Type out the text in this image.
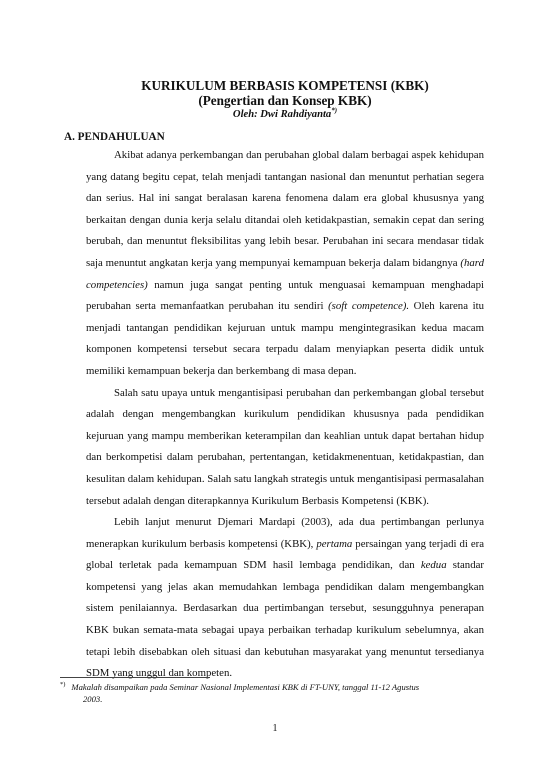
KURIKULUM BERBASIS KOMPETENSI (KBK)
(Pengertian dan Konsep KBK)

Oleh: Dwi Rahdiyanta*)

A. PENDAHULUAN

Akibat adanya perkembangan dan perubahan global dalam berbagai aspek kehidupan yang datang begitu cepat, telah menjadi tantangan nasional dan menuntut perhatian segera dan serius. Hal ini sangat beralasan karena fenomena dalam era global khususnya yang berkaitan dengan dunia kerja selalu ditandai oleh ketidakpastian, semakin cepat dan sering berubah, dan menuntut fleksibilitas yang lebih besar. Perubahan ini secara mendasar tidak saja menuntut angkatan kerja yang mempunyai kemampuan bekerja dalam bidangnya (hard competencies) namun juga sangat penting untuk menguasai kemampuan menghadapi perubahan serta memanfaatkan perubahan itu sendiri (soft competence). Oleh karena itu menjadi tantangan pendidikan kejuruan untuk mampu mengintegrasikan kedua macam komponen kompetensi tersebut secara terpadu dalam menyiapkan peserta didik untuk memiliki kemampuan bekerja dan berkembang di masa depan.

Salah satu upaya untuk mengantisipasi perubahan dan perkembangan global tersebut adalah dengan mengembangkan kurikulum pendidikan khususnya pada pendidikan kejuruan yang mampu memberikan keterampilan dan keahlian untuk dapat bertahan hidup dan berkompetisi dalam perubahan, pertentangan, ketidakmenentuan, ketidakpastian, dan kesulitan dalam kehidupan. Salah satu langkah strategis untuk mengantisipasi permasalahan tersebut adalah dengan diterapkannya Kurikulum Berbasis Kompetensi (KBK).

Lebih lanjut menurut Djemari Mardapi (2003), ada dua pertimbangan perlunya menerapkan kurikulum berbasis kompetensi (KBK), pertama persaingan yang terjadi di era global terletak pada kemampuan SDM hasil lembaga pendidikan, dan kedua standar kompetensi yang jelas akan memudahkan lembaga pendidikan dalam mengembangkan sistem penilaiannya. Berdasarkan dua pertimbangan tersebut, sesungguhnya penerapan KBK bukan semata-mata sebagai upaya perbaikan terhadap kurikulum sebelumnya, akan tetapi lebih disebabkan oleh situasi dan kebutuhan masyarakat yang menuntut tersedianya SDM yang unggul dan kompeten.

*) Makalah disampaikan pada Seminar Nasional Implementasi KBK di FT-UNY, tanggal 11-12 Agustus
2003.
1
